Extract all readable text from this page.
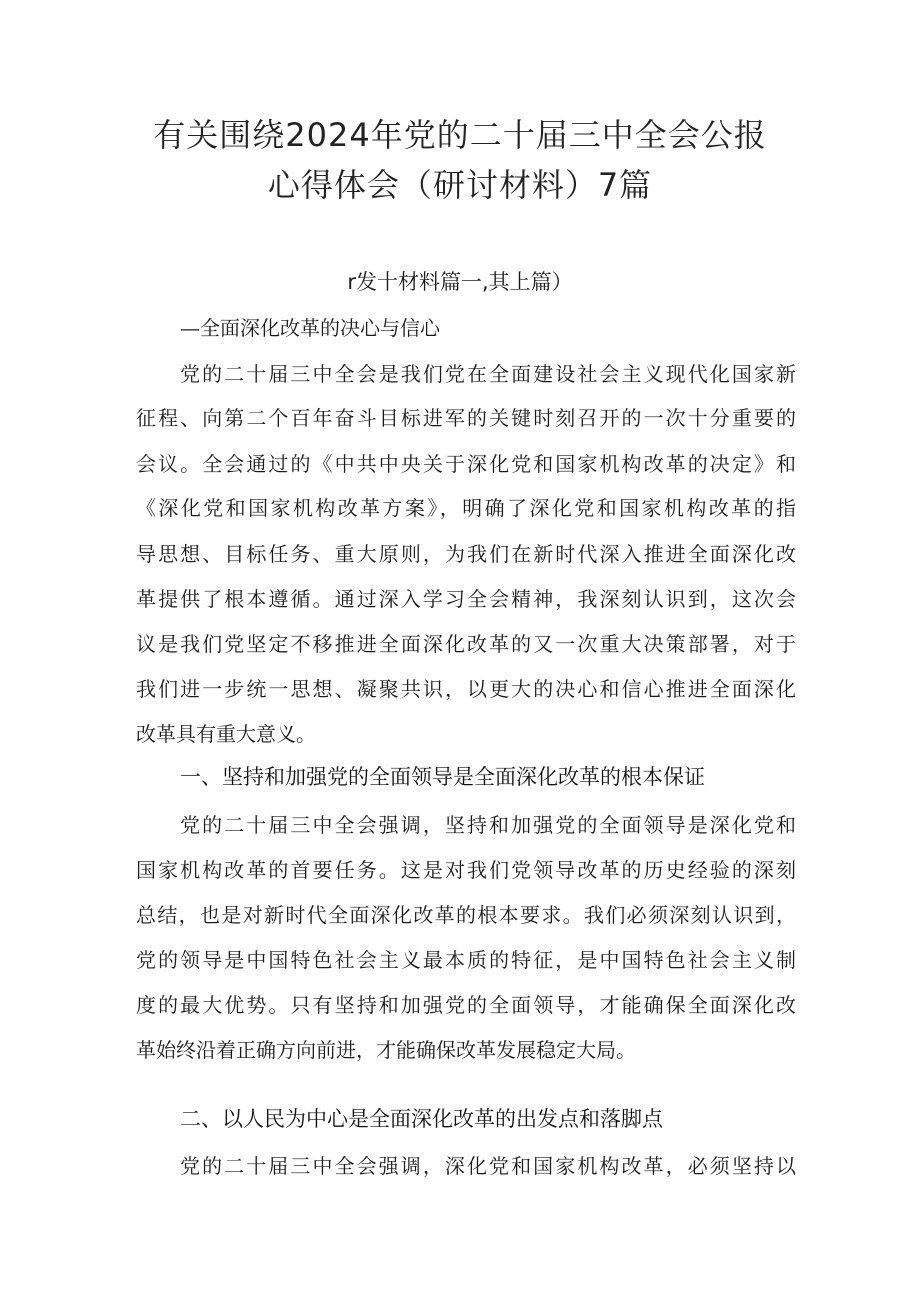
有关围绕2024年党的二十届三中全会公报
心得体会（研讨材料）7篇
r发十材料篇一,其上篇）
—全面深化改革的决心与信心
党的二十届三中全会是我们党在全面建设社会主义现代化国家新
征程、向第二个百年奋斗目标进军的关键时刻召开的一次十分重要的
会议。全会通过的《中共中央关于深化党和国家机构改革的决定》和
《深化党和国家机构改革方案》，明确了深化党和国家机构改革的指
导思想、目标任务、重大原则，为我们在新时代深入推进全面深化改
革提供了根本遵循。通过深入学习全会精神，我深刻认识到，这次会
议是我们党坚定不移推进全面深化改革的又一次重大决策部署，对于
我们进一步统一思想、凝聚共识，以更大的决心和信心推进全面深化
改革具有重大意义。
一、坚持和加强党的全面领导是全面深化改革的根本保证
党的二十届三中全会强调，坚持和加强党的全面领导是深化党和
国家机构改革的首要任务。这是对我们党领导改革的历史经验的深刻
总结，也是对新时代全面深化改革的根本要求。我们必须深刻认识到，
党的领导是中国特色社会主义最本质的特征，是中国特色社会主义制
度的最大优势。只有坚持和加强党的全面领导，才能确保全面深化改
革始终沿着正确方向前进，才能确保改革发展稳定大局。
二、以人民为中心是全面深化改革的出发点和落脚点
党的二十届三中全会强调，深化党和国家机构改革，必须坚持以
